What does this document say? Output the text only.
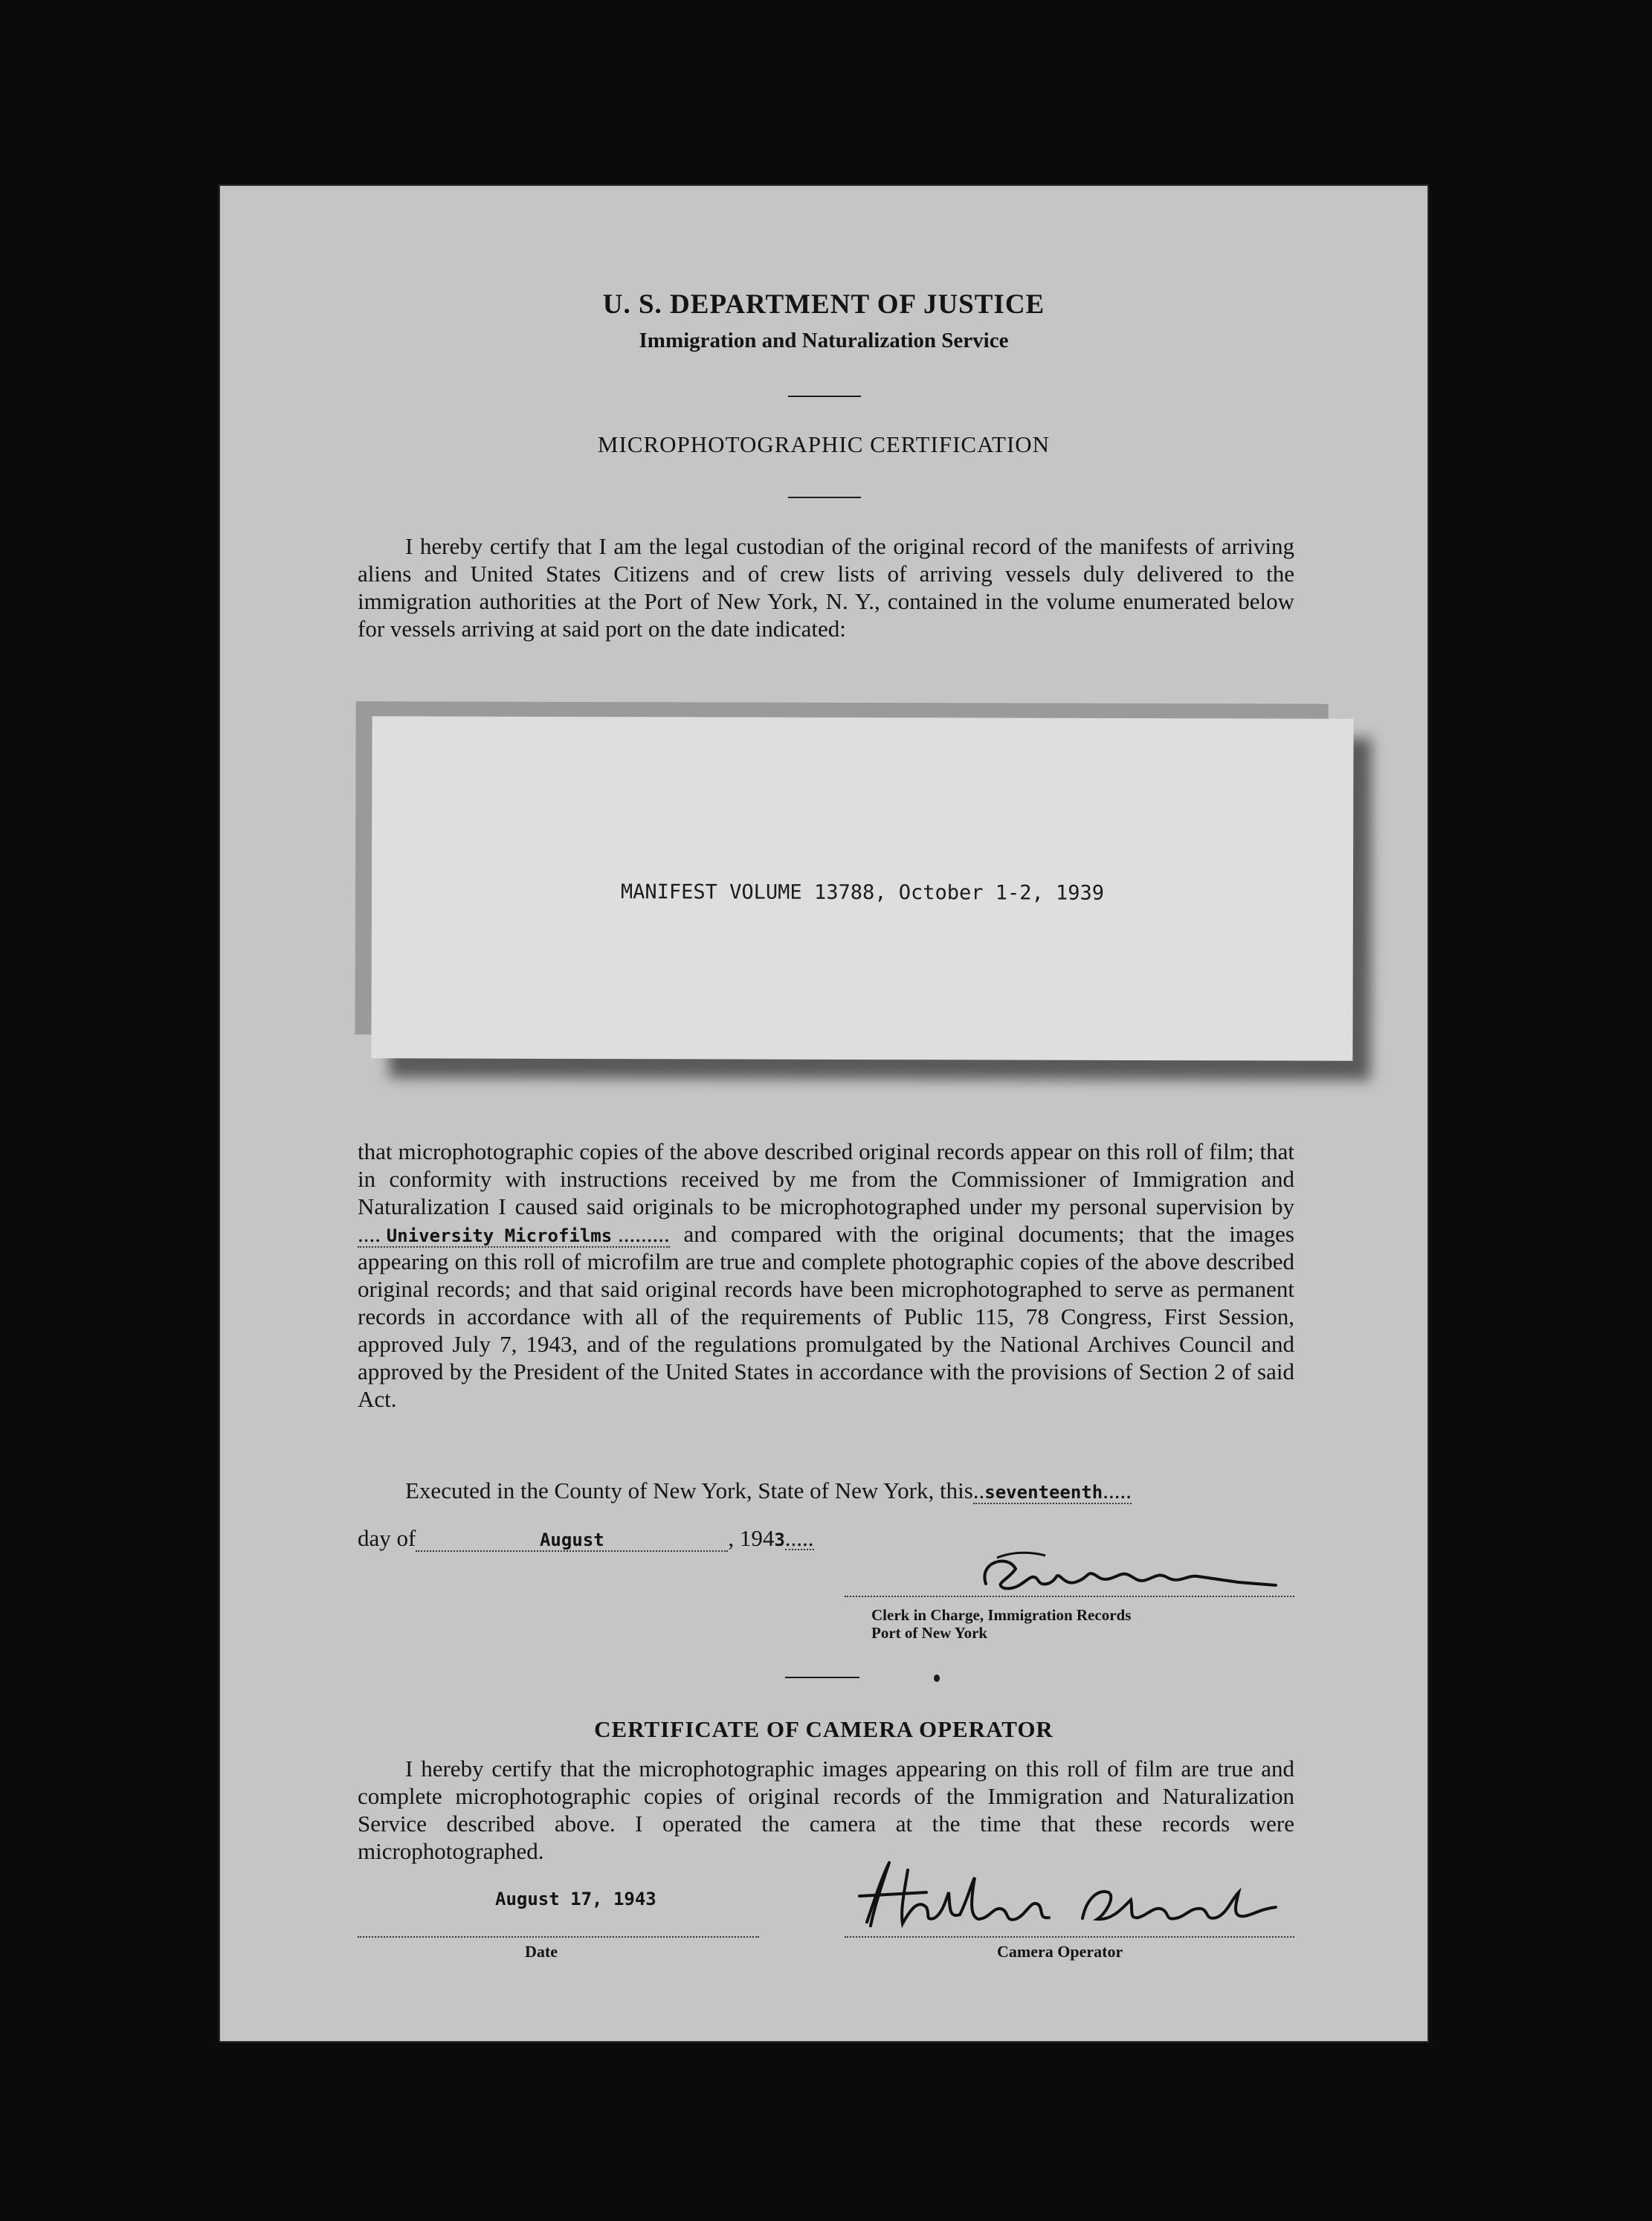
U. S. DEPARTMENT OF JUSTICE
Immigration and Naturalization Service
MICROPHOTOGRAPHIC CERTIFICATION
I hereby certify that I am the legal custodian of the original record of the manifests of arriving aliens and United States Citizens and of crew lists of arriving vessels duly delivered to the immigration authorities at the Port of New York, N. Y., contained in the volume enumerated below for vessels arriving at said port on the date indicated:
MANIFEST VOLUME 13788, October 1-2, 1939
that microphotographic copies of the above described original records appear on this roll of film; that in conformity with instructions received by me from the Commissioner of Immigration and Naturalization I caused said originals to be microphotographed under my personal supervision by.... University Microfilms ......... and compared with the original documents; that the images appearing on this roll of microfilm are true and complete photographic copies of the above described original records; and that said original records have been microphotographed to serve as permanent records in accordance with all of the requirements of Public 115, 78 Congress, First Session, approved July 7, 1943, and of the regulations promulgated by the National Archives Council and approved by the President of the United States in accordance with the provisions of Section 2 of said Act.
Executed in the County of New York, State of New York, this..seventeenth.....
day of	August	, 1943.....
Clerk in Charge, Immigration Records
Port of New York
CERTIFICATE OF CAMERA OPERATOR
I hereby certify that the microphotographic images appearing on this roll of film are true and complete microphotographic copies of original records of the Immigration and Naturalization Service described above. I operated the camera at the time that these records were microphotographed.
August 17, 1943
Date	Camera Operator
